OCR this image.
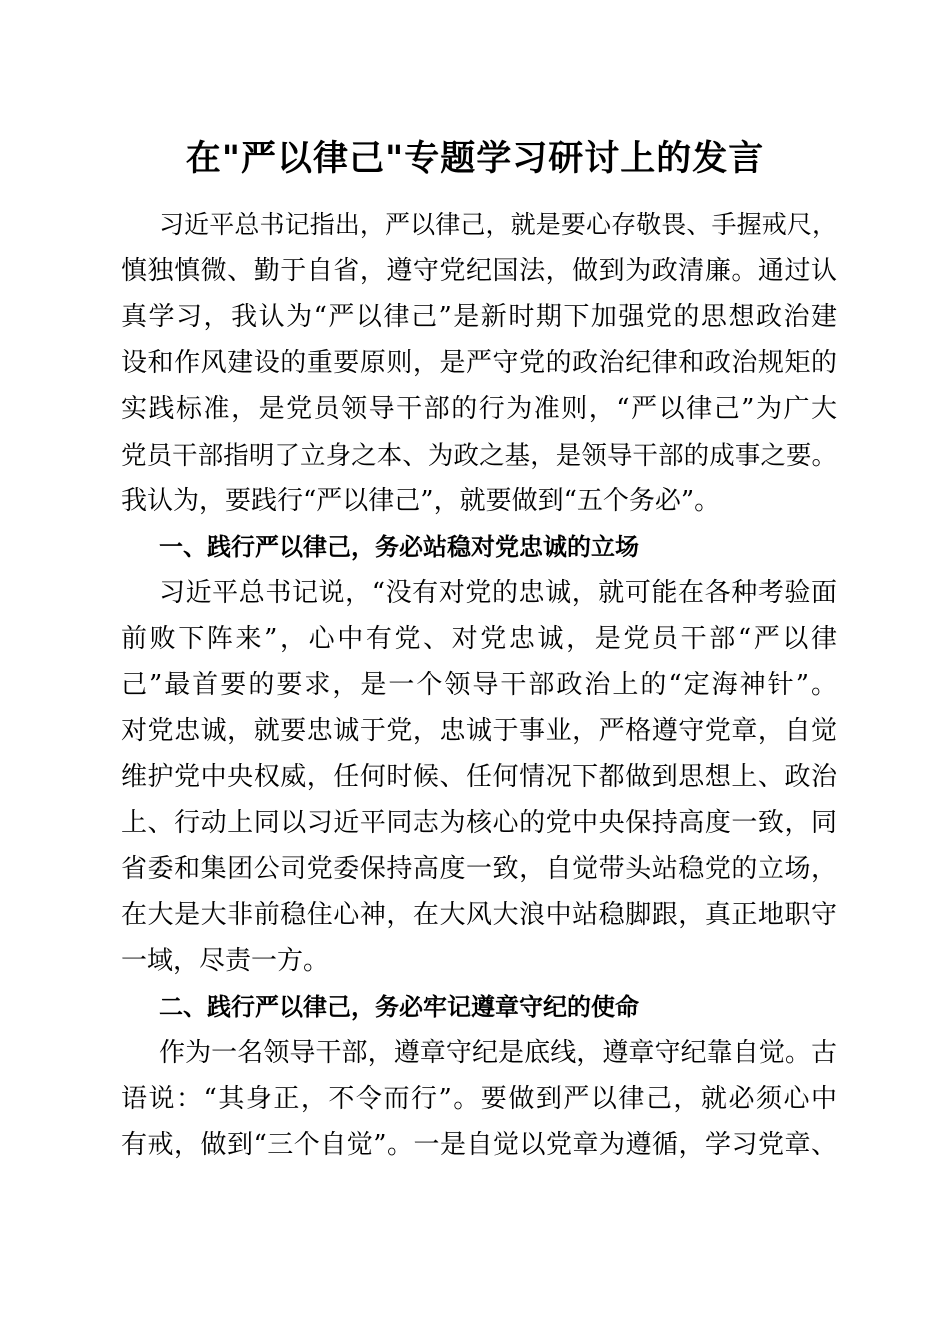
在"严以律己"专题学习研讨上的发言
习近平总书记指出，严以律己，就是要心存敬畏、手握戒尺，
慎独慎微、勤于自省，遵守党纪国法，做到为政清廉。通过认
真学习，我认为“严以律己”是新时期下加强党的思想政治建
设和作风建设的重要原则，是严守党的政治纪律和政治规矩的
实践标准，是党员领导干部的行为准则，“严以律己”为广大
党员干部指明了立身之本、为政之基，是领导干部的成事之要。
我认为，要践行“严以律己”，就要做到“五个务必”。
一、践行严以律己，务必站稳对党忠诚的立场
习近平总书记说，“没有对党的忠诚，就可能在各种考验面
前败下阵来”，心中有党、对党忠诚，是党员干部“严以律
己”最首要的要求，是一个领导干部政治上的“定海神针”。
对党忠诚，就要忠诚于党，忠诚于事业，严格遵守党章，自觉
维护党中央权威，任何时候、任何情况下都做到思想上、政治
上、行动上同以习近平同志为核心的党中央保持高度一致，同
省委和集团公司党委保持高度一致，自觉带头站稳党的立场，
在大是大非前稳住心神，在大风大浪中站稳脚跟，真正地职守
一域，尽责一方。
二、践行严以律己，务必牢记遵章守纪的使命
作为一名领导干部，遵章守纪是底线，遵章守纪靠自觉。古
语说：“其身正，不令而行”。要做到严以律己，就必须心中
有戒，做到“三个自觉”。一是自觉以党章为遵循，学习党章、
